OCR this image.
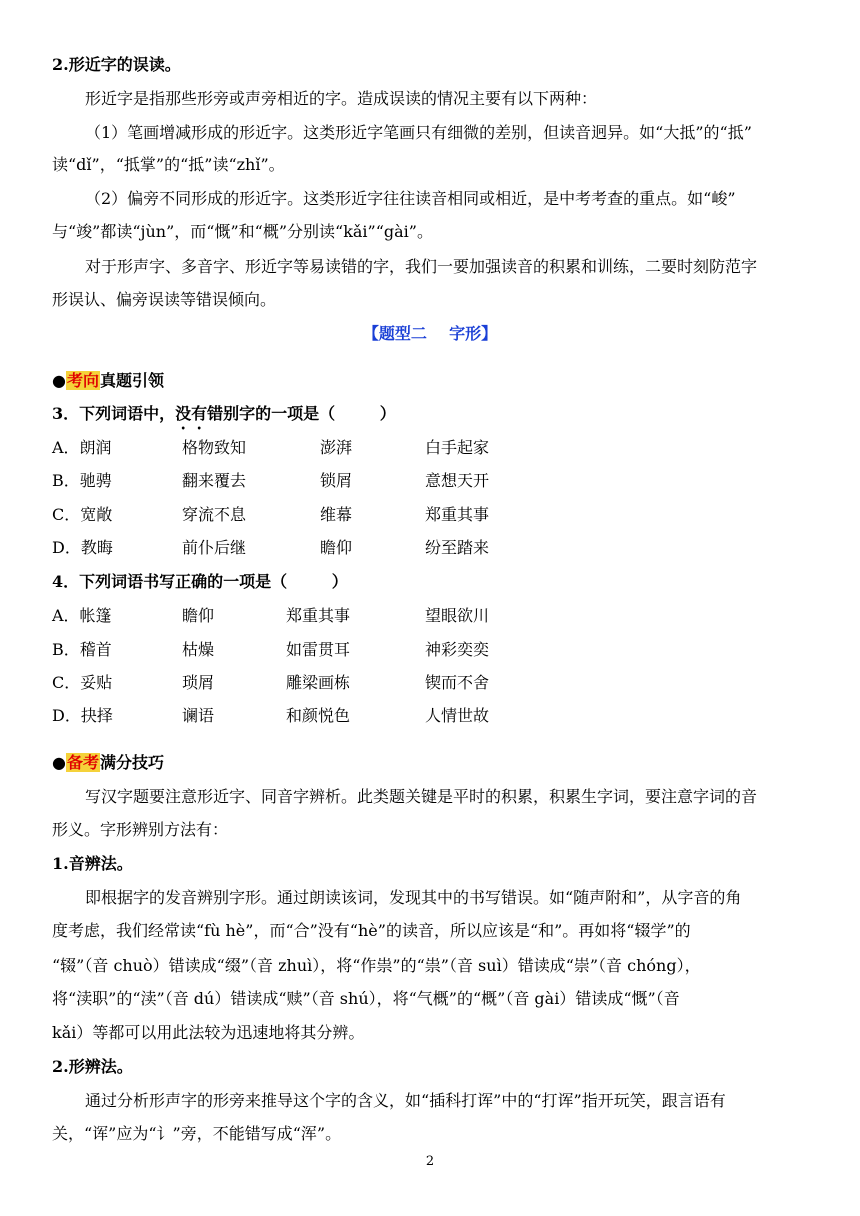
2.形近字的误读。
形近字是指那些形旁或声旁相近的字。造成误读的情况主要有以下两种：
（1）笔画增减形成的形近字。这类形近字笔画只有细微的差别，但读音迥异。如“大抵”的“抵”
读“dǐ”，“抵掌”的“抵”读“zhǐ”。
（2）偏旁不同形成的形近字。这类形近字往往读音相同或相近，是中考考查的重点。如“峻”
与“竣”都读“jùn”，而“慨”和“概”分别读“kǎi”“gài”。
对于形声字、多音字、形近字等易读错的字，我们一要加强读音的积累和训练，二要时刻防范字
形误认、偏旁误读等错误倾向。
【题型二    字形】
●考向真题引领
3．下列词语中，没有错别字的一项是（        ）
A．朗润	格物致知	澎湃	白手起家
B．驰骋	翻来覆去	锁屑	意想天开
C．宽敞	穿流不息	维幕	郑重其事
D．教晦	前仆后继	瞻仰	纷至踏来
4．下列词语书写正确的一项是（        ）
A．帐篷	瞻仰	郑重其事	望眼欲川
B．稽首	枯燥	如雷贯耳	神彩奕奕
C．妥贴	琐屑	雕梁画栋	锲而不舍
D．抉择	谰语	和颜悦色	人情世故
●备考满分技巧
写汉字题要注意形近字、同音字辨析。此类题关键是平时的积累，积累生字词，要注意字词的音
形义。字形辨别方法有：
1.音辨法。
即根据字的发音辨别字形。通过朗读该词，发现其中的书写错误。如“随声附和”，从字音的角
度考虑，我们经常读“fù hè”，而“合”没有“hè”的读音，所以应该是“和”。再如将“辍学”的
“辍”（音 chuò）错读成“缀”（音 zhuì），将“作祟”的“祟”（音 suì）错读成“崇”（音 chóng），
将“渎职”的“渎”（音 dú）错读成“赎”（音 shú），将“气概”的“概”（音 gài）错读成“慨”（音
kǎi）等都可以用此法较为迅速地将其分辨。
2.形辨法。
通过分析形声字的形旁来推导这个字的含义，如“插科打诨”中的“打诨”指开玩笑，跟言语有
关，“诨”应为“讠”旁，不能错写成“浑”。
2
